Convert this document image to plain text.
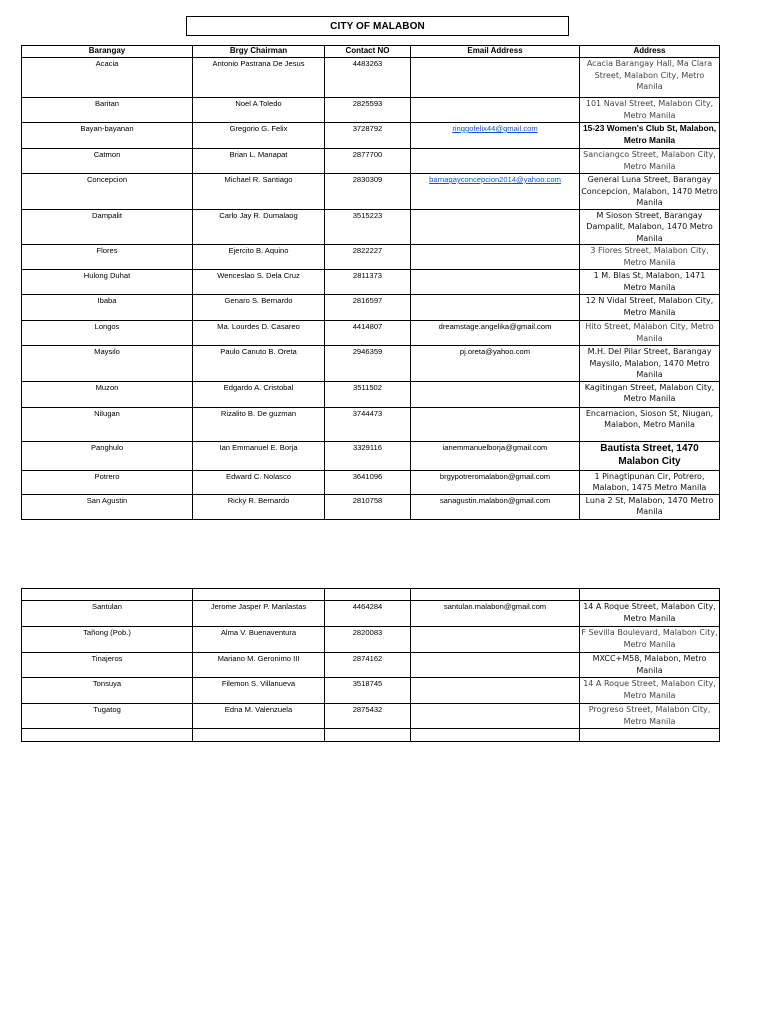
CITY OF MALABON
Barangay	Brgy Chairman	Contact NO	Email Address	Address
Acacia	Antonio Pastrana De Jesus	4483263		Acacia Barangay Hall, Ma Clara Street, Malabon City, Metro Manila
Baritan	Noel A Toledo	2825593		101 Naval Street, Malabon City, Metro Manila
Bayan-bayanan	Gregorio G. Felix	3728792	ringgofelix44@gmail.com	15-23 Women's Club St, Malabon, Metro Manila
Catmon	Brian L. Manapat	2877700		Sanciangco Street, Malabon City, Metro Manila
Concepcion	Michael R. Santiago	2830309	barnagayconcepcion2014@yahoo.com	General Luna Street, Barangay Concepcion, Malabon, 1470 Metro Manila
Dampalit	Carlo Jay R. Dumalaog	3515223		M Sioson Street, Barangay Dampalit, Malabon, 1470 Metro Manila
Flores	Ejercito B. Aquino	2822227		3 Flores Street, Malabon City, Metro Manila
Hulong Duhat	Wenceslao S. Dela Cruz	2811373		1 M. Blas St, Malabon, 1471 Metro Manila
Ibaba	Genaro S. Bernardo	2816597		12 N Vidal Street, Malabon City, Metro Manila
Longos	Ma. Lourdes D. Casareo	4414807	dreamstage.angelika@gmail.com	Hito Street, Malabon City, Metro Manila
Maysilo	Paulo Canuto B. Oreta	2946359	pj.oreta@yahoo.com	M.H. Del Pilar Street, Barangay Maysilo, Malabon, 1470 Metro Manila
Muzon	Edgardo A. Cristobal	3511502		Kagitingan Street, Malabon City, Metro Manila
Nilugan	Rizalito B. De guzman	3744473		Encarnacion, Sioson St, Niugan, Malabon, Metro Manila
Panghulo	Ian Emmanuel E. Borja	3329116	ianemmanuelborja@gmail.com	Bautista Street, 1470 Malabon City
Potrero	Edward C. Nolasco	3641096	brgypotreromalabon@gmail.com	1 Pinagtipunan Cir, Potrero, Malabon, 1475 Metro Manila
San Agustin	Ricky R. Bernardo	2810758	sanagustin.malabon@gmail.com	Luna 2 St, Malabon, 1470 Metro Manila

Santulan	Jerome Jasper P. Manlastas	4464284	santulan.malabon@gmail.com	14 A Roque Street, Malabon City, Metro Manila
Tañong (Pob.)	Alma V. Buenaventura	2820083		F Sevilla Boulevard, Malabon City, Metro Manila
Tinajeros	Mariano M. Geronimo III	2874162		MXCC+M58, Malabon, Metro Manila
Tonsuya	Filemon S. Villanueva	3518745		14 A Roque Street, Malabon City, Metro Manila
Tugatog	Edna M. Valenzuela	2875432		Progreso Street, Malabon City, Metro Manila
